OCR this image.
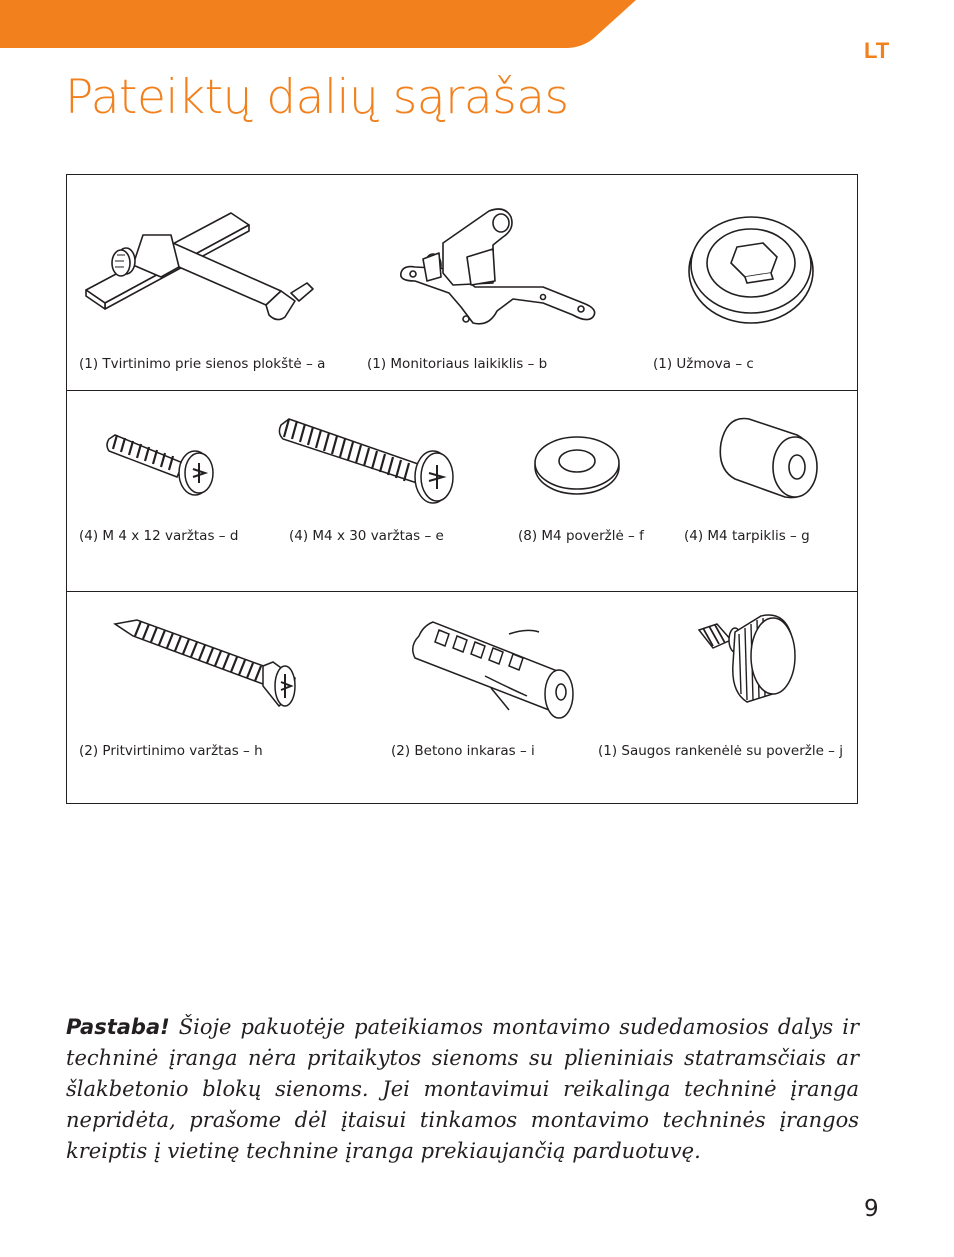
LT
Pateiktų dalių sąrašas
(1) Tvirtinimo prie sienos plokštė – a	(1) Monitoriaus laikiklis – b	(1) Užmova – c
(4) M 4 x 12 varžtas – d	(4) M4 x 30 varžtas – e	(8) M4 poveržlė – f	(4) M4 tarpiklis – g
(2) Pritvirtinimo varžtas – h	(2) Betono inkaras – i	(1) Saugos rankenėlė su poveržle – j

Pastaba! Šioje pakuotėje pateikiamos montavimo sudedamosios dalys ir techninė įranga nėra pritaikytos sienoms su plieniniais statramsčiais ar šlakbetonio blokų sienoms. Jei montavimui reikalinga techninė įranga nepridėta, prašome dėl įtaisui tinkamos montavimo techninės įrangos kreiptis į vietinę technine įranga prekiaujančią parduotuvę.

9
